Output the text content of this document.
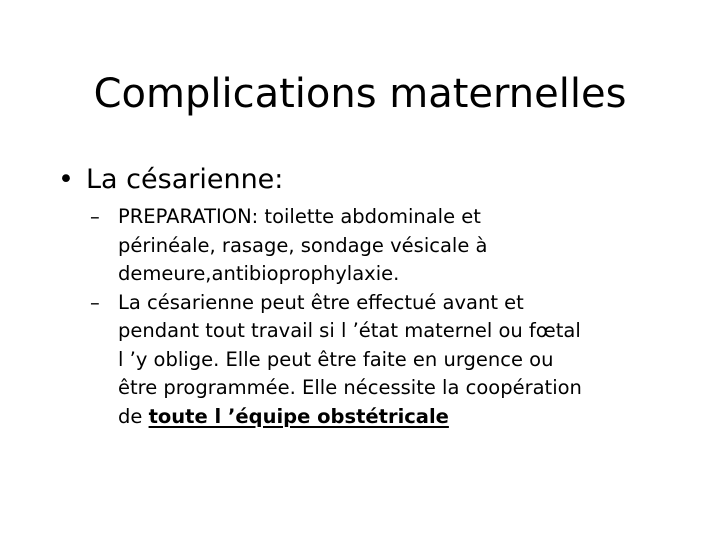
Complications maternelles
• La césarienne:
– PREPARATION: toilette abdominale et
périnéale, rasage, sondage vésicale à
demeure,antibioprophylaxie.
– La césarienne peut être effectué avant et
pendant tout travail si l ’état maternel ou fœtal
l ’y oblige. Elle peut être faite en urgence ou
être programmée. Elle nécessite la coopération
de toute l ’équipe obstétricale
